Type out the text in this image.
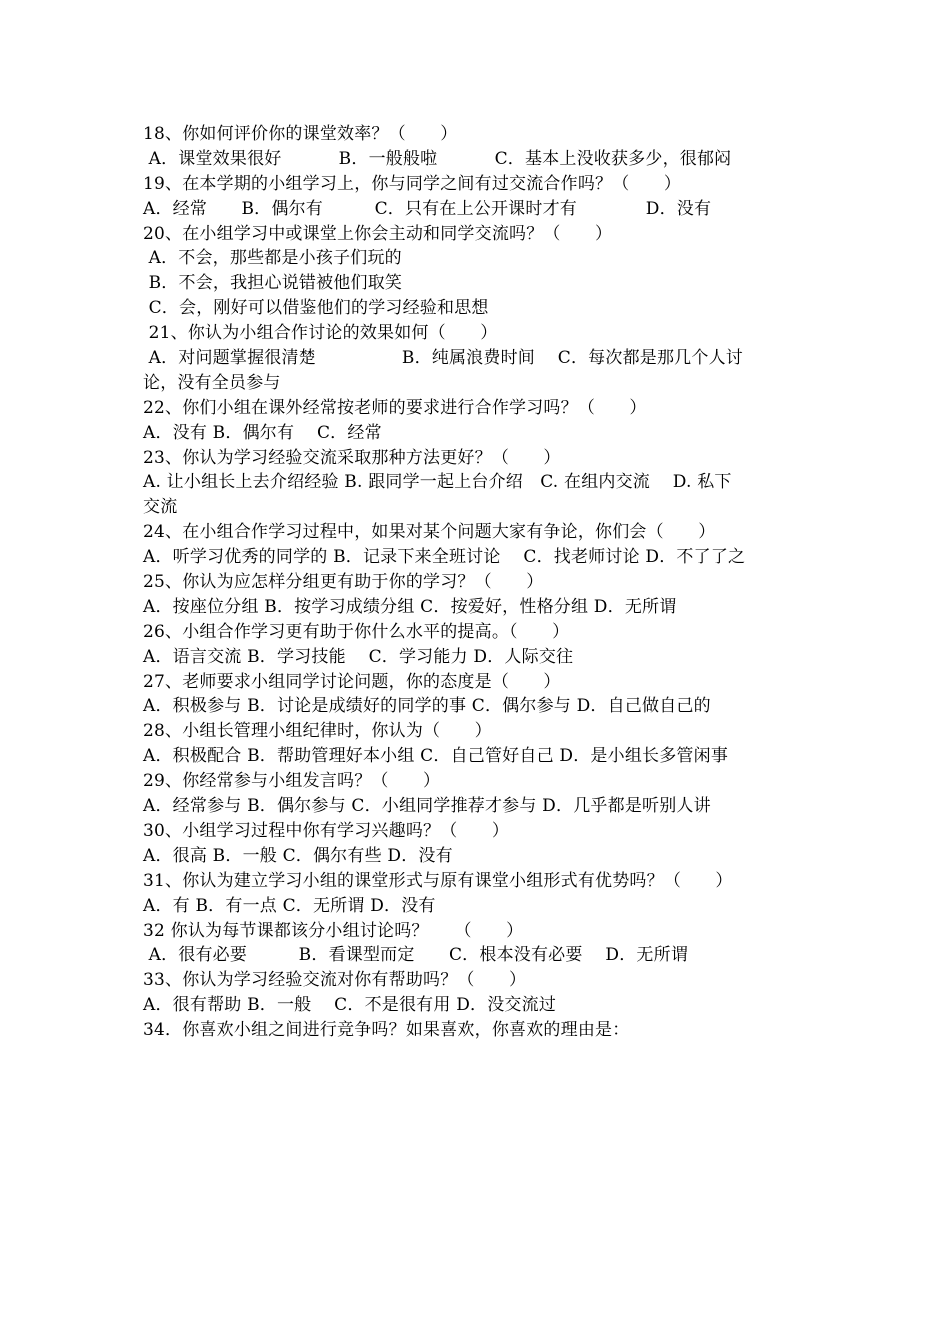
18、你如何评价你的课堂效率？（　　）
A．课堂效果很好　　　 B．一般般啦　　　 C．基本上没收获多少，很郁闷
19、在本学期的小组学习上，你与同学之间有过交流合作吗？（　　）
A．经常　　B．偶尔有　　　C．只有在上公开课时才有　　　　D．没有
20、在小组学习中或课堂上你会主动和同学交流吗？（　　）
A．不会，那些都是小孩子们玩的
B．不会，我担心说错被他们取笑
C．会，刚好可以借鉴他们的学习经验和思想
21、你认为小组合作讨论的效果如何（　　）
A．对问题掌握很清楚　　　　　B．纯属浪费时间　 C．每次都是那几个人讨
论，没有全员参与
22、你们小组在课外经常按老师的要求进行合作学习吗？（　　）
A．没有 B．偶尔有　 C．经常
23、你认为学习经验交流采取那种方法更好？（　　）
A. 让小组长上去介绍经验 B. 跟同学一起上台介绍　C. 在组内交流　 D. 私下
交流
24、在小组合作学习过程中，如果对某个问题大家有争论，你们会（　　）
A．听学习优秀的同学的 B．记录下来全班讨论　 C．找老师讨论 D．不了了之
25、你认为应怎样分组更有助于你的学习？（　　）
A．按座位分组 B．按学习成绩分组 C．按爱好，性格分组 D．无所谓
26、小组合作学习更有助于你什么水平的提高。（　　）
A．语言交流 B．学习技能　 C．学习能力 D．人际交往
27、老师要求小组同学讨论问题，你的态度是（　　）
A．积极参与 B．讨论是成绩好的同学的事 C．偶尔参与 D．自己做自己的
28、小组长管理小组纪律时，你认为（　　）
A．积极配合 B．帮助管理好本小组 C．自己管好自己 D．是小组长多管闲事
29、你经常参与小组发言吗？（　　）
A．经常参与 B．偶尔参与 C．小组同学推荐才参与 D．几乎都是听别人讲
30、小组学习过程中你有学习兴趣吗？（　　）
A．很高 B．一般 C．偶尔有些 D．没有
31、你认为建立学习小组的课堂形式与原有课堂小组形式有优势吗？（　　）
A．有 B．有一点 C．无所谓 D．没有
32 你认为每节课都该分小组讨论吗？　　（　　）
A．很有必要　　　B．看课型而定　　C．根本没有必要　 D．无所谓
33、你认为学习经验交流对你有帮助吗？（　　）
A．很有帮助 B．一般　 C．不是很有用 D．没交流过
34．你喜欢小组之间进行竞争吗？如果喜欢，你喜欢的理由是：
